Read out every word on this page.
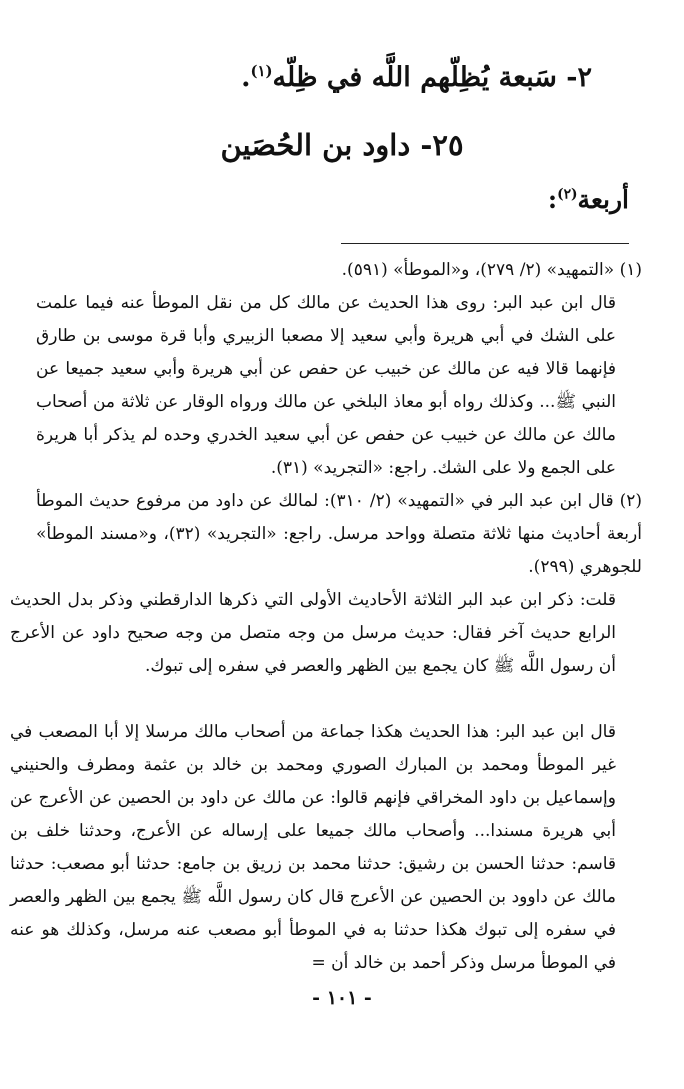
٢- سَبعة يُظِلّهم اللَّه في ظِلّه$^{(١)}$.
٢٥- داود بن الحُصَين
أربعة$^{(٢)}$:
(١) «التمهيد» (٢/ ٢٧٩)، و«الموطأ» (٥٩١).
قال ابن عبد البر: روى هذا الحديث عن مالك كل من نقل الموطأ عنه فيما علمت على الشك في أبي هريرة وأبي سعيد إلا مصعبا الزبيري وأبا قرة موسى بن طارق فإنهما قالا فيه عن مالك عن خبيب عن حفص عن أبي هريرة وأبي سعيد جميعا عن النبي ﷺ... وكذلك رواه أبو معاذ البلخي عن مالك ورواه الوقار عن ثلاثة من أصحاب مالك عن مالك عن خبيب عن حفص عن أبي سعيد الخدري وحده لم يذكر أبا هريرة على الجمع ولا على الشك. راجع: «التجريد» (٣١).
(٢) قال ابن عبد البر في «التمهيد» (٢/ ٣١٠): لمالك عن داود من مرفوع حديث الموطأ أربعة أحاديث منها ثلاثة متصلة وواحد مرسل. راجع: «التجريد» (٣٢)، و«مسند الموطأ» للجوهري (٢٩٩).
قلت: ذكر ابن عبد البر الثلاثة الأحاديث الأولى التي ذكرها الدارقطني وذكر بدل الحديث الرابع حديث آخر فقال: حديث مرسل من وجه متصل من وجه صحيح داود عن الأعرج أن رسول اللَّه ﷺ كان يجمع بين الظهر والعصر في سفره إلى تبوك.
قال ابن عبد البر: هذا الحديث هكذا جماعة من أصحاب مالك مرسلا إلا أبا المصعب في غير الموطأ ومحمد بن المبارك الصوري ومحمد بن خالد بن عثمة ومطرف والحنيني وإسماعيل بن داود المخراقي فإنهم قالوا: عن مالك عن داود بن الحصين عن الأعرج عن أبي هريرة مسندا... وأصحاب مالك جميعا على إرساله عن الأعرج، وحدثنا خلف بن قاسم: حدثنا الحسن بن رشيق: حدثنا محمد بن زريق بن جامع: حدثنا أبو مصعب: حدثنا مالك عن داوود بن الحصين عن الأعرج قال كان رسول اللَّه ﷺ يجمع بين الظهر والعصر في سفره إلى تبوك هكذا حدثنا به في الموطأ أبو مصعب عنه مرسل، وكذلك هو عنه في الموطأ مرسل وذكر أحمد بن خالد أن =
- ١٠١ -
